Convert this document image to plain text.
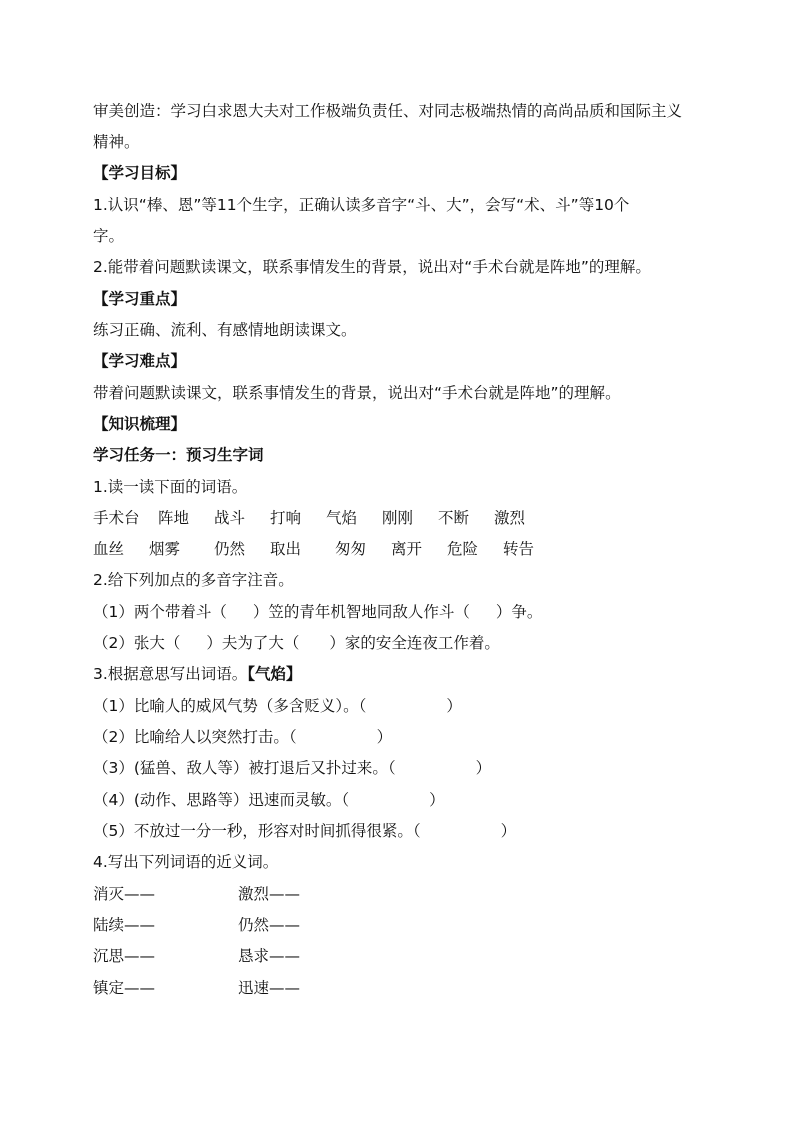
审美创造：学习白求恩大夫对工作极端负责任、对同志极端热情的高尚品质和国际主义
精神。
【学习目标】
1.认识“棒、恩”等11个生字，正确认读多音字“斗、大”，会写“术、斗”等10个
字。
2.能带着问题默读课文，联系事情发生的背景，说出对“手术台就是阵地”的理解。
【学习重点】
练习正确、流利、有感情地朗读课文。
【学习难点】
带着问题默读课文，联系事情发生的背景，说出对“手术台就是阵地”的理解。
【知识梳理】
学习任务一：预习生字词
1.读一读下面的词语。
手术台 阵地 战斗 打响 气焰 刚刚 不断 激烈
血丝 烟雾 仍然 取出 匆匆 离开 危险 转告
2.给下列加点的多音字注音。
（1）两个带着斗（ ）笠的青年机智地同敌人作斗（ ）争。
（2）张大（ ）夫为了大（ ）家的安全连夜工作着。
3.根据意思写出词语。【气焰】
（1）比喻人的威风气势（多含贬义）。（	）
（2）比喻给人以突然打击。（	）
（3）(猛兽、敌人等）被打退后又扑过来。（	）
（4）(动作、思路等）迅速而灵敏。（	）
（5）不放过一分一秒，形容对时间抓得很紧。（	）
4.写出下列词语的近义词。
消灭——	激烈——
陆续——	仍然——
沉思——	恳求——
镇定——	迅速——
